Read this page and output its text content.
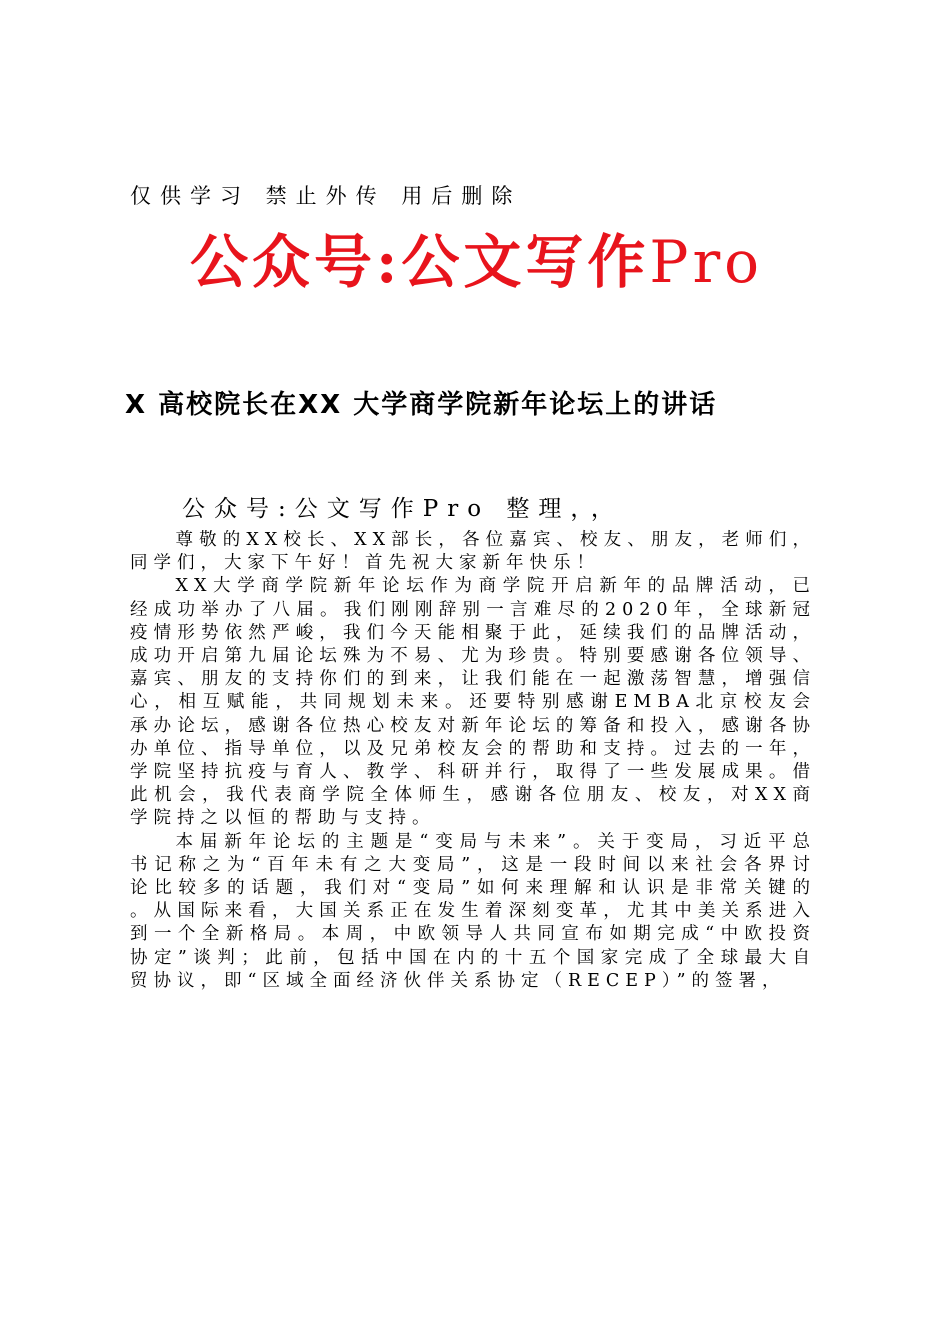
仅供学习 禁止外传 用后删除

公众号:公文写作Pro
X 高校院长在XX 大学商学院新年论坛上的讲话

公众号:公文写作Pro 整理，，

尊敬的XX校长、XX部长，各位嘉宾、校友、朋友，老师们，同学们，大家下午好！首先祝大家新年快乐！

XX大学商学院新年论坛作为商学院开启新年的品牌活动，已经成功举办了八届。我们刚刚辞别一言难尽的2020年，全球新冠疫情形势依然严峻，我们今天能相聚于此，延续我们的品牌活动，成功开启第九届论坛殊为不易、尤为珍贵。特别要感谢各位领导、嘉宾、朋友的支持你们的到来，让我们能在一起激荡智慧，增强信心，相互赋能，共同规划未来。还要特别感谢EMBA北京校友会承办论坛，感谢各位热心校友对新年论坛的筹备和投入，感谢各协办单位、指导单位，以及兄弟校友会的帮助和支持。过去的一年，学院坚持抗疫与育人、教学、科研并行，取得了一些发展成果。借此机会，我代表商学院全体师生，感谢各位朋友、校友，对XX商学院持之以恒的帮助与支持。

本届新年论坛的主题是“变局与未来”。关于变局，习近平总书记称之为“百年未有之大变局”，这是一段时间以来社会各界讨论比较多的话题，我们对“变局”如何来理解和认识是非常关键的。从国际来看，大国关系正在发生着深刻变革，尤其中美关系进入到一个全新格局。本周，中欧领导人共同宣布如期完成“中欧投资协定”谈判；此前，包括中国在内的十五个国家完成了全球最大自贸协议，即“区域全面经济伙伴关系协定（RECEP）”的签署，
